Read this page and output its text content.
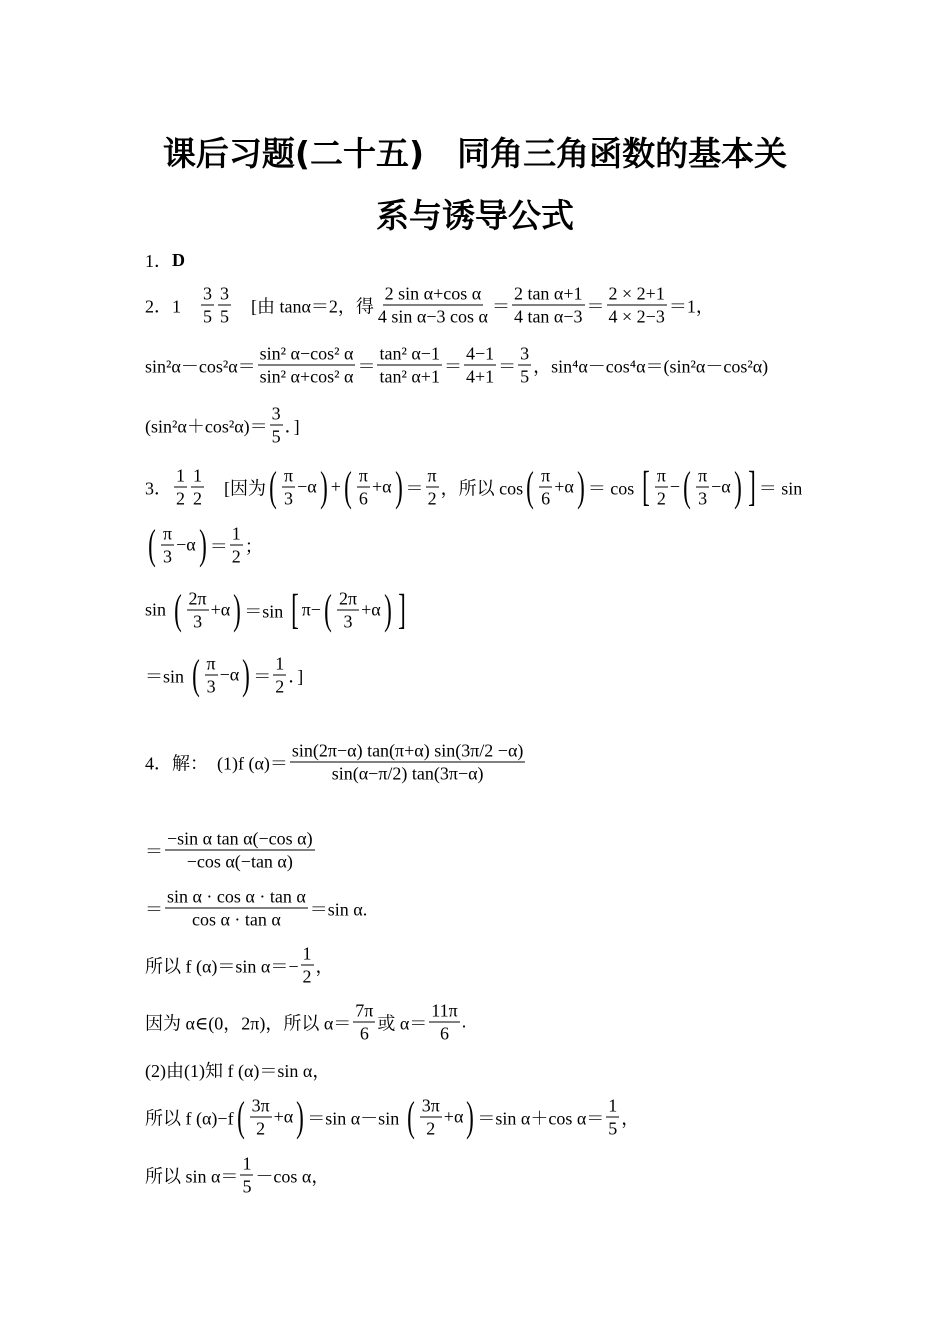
课后习题(二十五)　同角三角函数的基本关
系与诱导公式
1． D
2．1　 $\frac{3}{5} \frac{3}{5}$ 　[由 tanα＝2，得 $\frac{\text{2 sin α+cos α}}{\text{4 sin α−3 cos α}} = \frac{\text{2 tan α+1}}{\text{4 tan α−3}} = \frac{2 \times 2+1}{4 \times 2-3} =1$，
$\sin^2\alpha-\cos^2\alpha= \frac{\text{sin² α−cos² α}}{\text{sin² α+cos² α}} = \frac{\text{tan² α−1}}{\text{tan² α+1}} = \frac{4-1}{4+1} = \frac{3}{5}$ ，sin⁴α－cos⁴α＝(sin²α－cos²α)
$(\sin^2\alpha+\cos^2\alpha)= \frac{3}{5}$ ．]
3． $\frac{1}{2} \frac{1}{2}$ 　[因为 ( $\frac{\pi}{3} -\alpha$ ) + ( $\frac{\pi}{6} +\alpha$ ) ＝ $\frac{\pi}{2}$ ，所以 cos ( $\frac{\pi}{6} +\alpha$ ) ＝ cos [ $\frac{\pi}{2}$ − ( $\frac{\pi}{3} -\alpha$ ) ] ＝ sin
( $\frac{\pi}{3} -\alpha$ ) ＝ $\frac{1}{2}$ ；
sin ( $\frac{2\pi}{3} +\alpha$ ) ＝sin [ π− ( $\frac{2\pi}{3} +\alpha$ ) ]
＝sin ( $\frac{\pi}{3} -\alpha$ ) ＝ $\frac{1}{2}$ ．]
4．解：　(1)f $(\alpha)= \frac{\sin(2\pi-\alpha) \tan(\pi+\alpha) \sin(3\pi/2 -\alpha)}{\sin(\alpha-\pi/2) \tan(3\pi-\alpha)}$
＝ $\frac{\text{−sin α tan α(−cos α)}}{\text{−cos α(−tan α)}}$
＝ $\frac{\text{sin α · cos α · tan α}}{\text{cos α · tan α}} =\sin$ α.
所以 f (α)＝sin $\alpha=- \frac{1}{2}$ ，
因为 α∈(0，2π)，所以 $\alpha= \frac{7\pi}{6}$ 或 $\alpha= \frac{11\pi}{6}$ .
(2)由(1)知 f (α)＝sin α，
所以 f (α)−f ( $\frac{3\pi}{2} +\alpha$ ) ＝sin α－sin ( $\frac{3\pi}{2} +\alpha$ ) ＝sin α＋cos $\alpha= \frac{1}{5}$ ，
所以 $\sin \alpha= \frac{1}{5} -\cos$ α，
